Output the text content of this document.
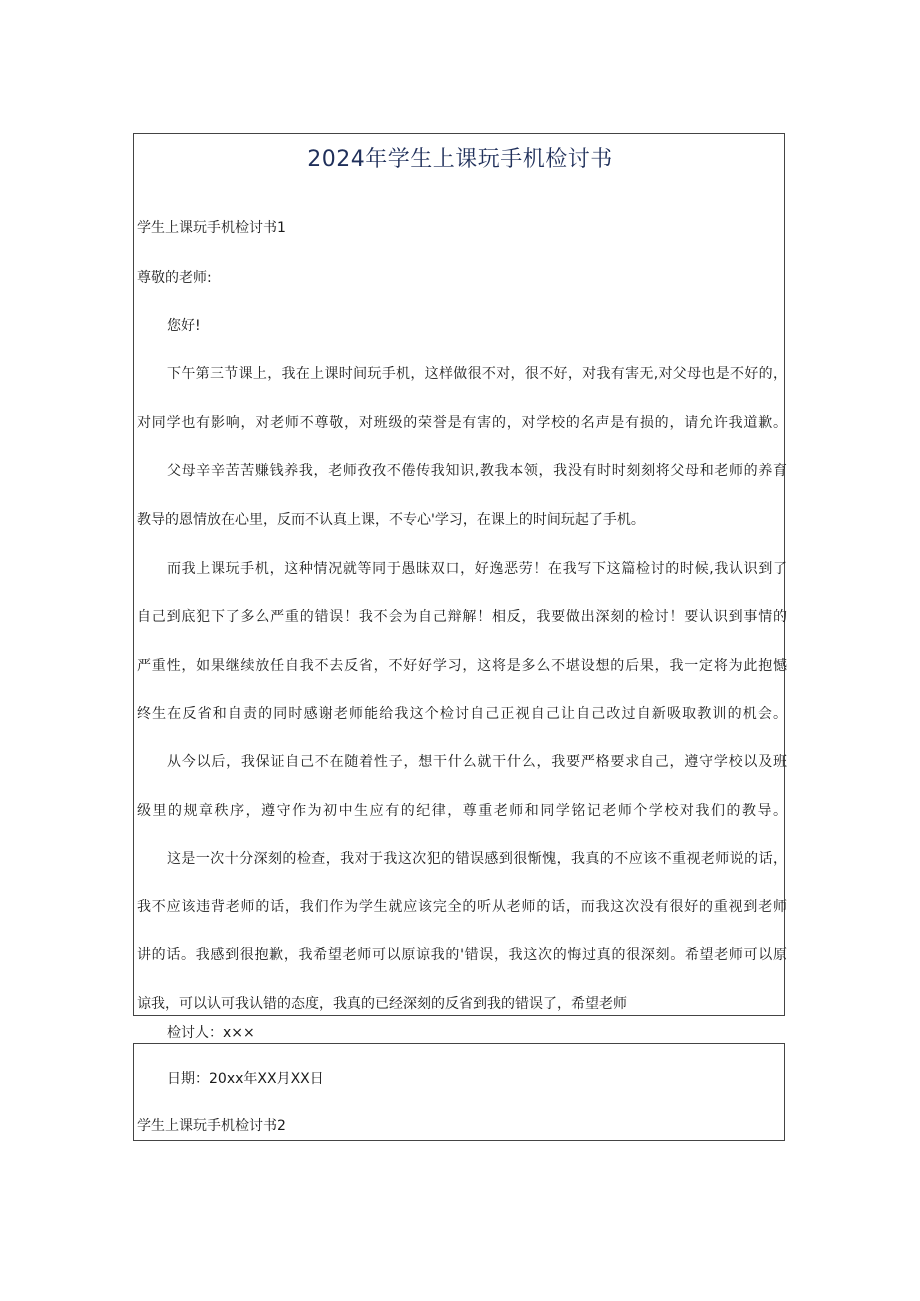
2024年学生上课玩手机检讨书
学生上课玩手机检讨书1
尊敬的老师:
您好!
下午第三节课上，我在上课时间玩手机，这样做很不对，很不好，对我有害无,对父母也是不好的，
对同学也有影响，对老师不尊敬，对班级的荣誉是有害的，对学校的名声是有损的，请允许我道歉。
父母辛辛苦苦赚钱养我，老师孜孜不倦传我知识,教我本领，我没有时时刻刻将父母和老师的养育
教导的恩情放在心里，反而不认真上课，不专心'学习，在课上的时间玩起了手机。
而我上课玩手机，这种情况就等同于愚昧双口，好逸恶劳！在我写下这篇检讨的时候,我认识到了
自己到底犯下了多么严重的错误！我不会为自己辩解！相反，我要做出深刻的检讨！要认识到事情的
严重性，如果继续放任自我不去反省，不好好学习，这将是多么不堪设想的后果，我一定将为此抱憾
终生在反省和自责的同时感谢老师能给我这个检讨自己正视自己让自己改过自新吸取教训的机会。
从今以后，我保证自己不在随着性子，想干什么就干什么，我要严格要求自己，遵守学校以及班
级里的规章秩序，遵守作为初中生应有的纪律，尊重老师和同学铭记老师个学校对我们的教导。
这是一次十分深刻的检查，我对于我这次犯的错误感到很惭愧，我真的不应该不重视老师说的话，
我不应该违背老师的话，我们作为学生就应该完全的听从老师的话，而我这次没有很好的重视到老师
讲的话。我感到很抱歉，我希望老师可以原谅我的'错误，我这次的悔过真的很深刻。希望老师可以原
谅我，可以认可我认错的态度，我真的已经深刻的反省到我的错误了，希望老师
检讨人：x××
日期：20xx年XX月XX日
学生上课玩手机检讨书2
